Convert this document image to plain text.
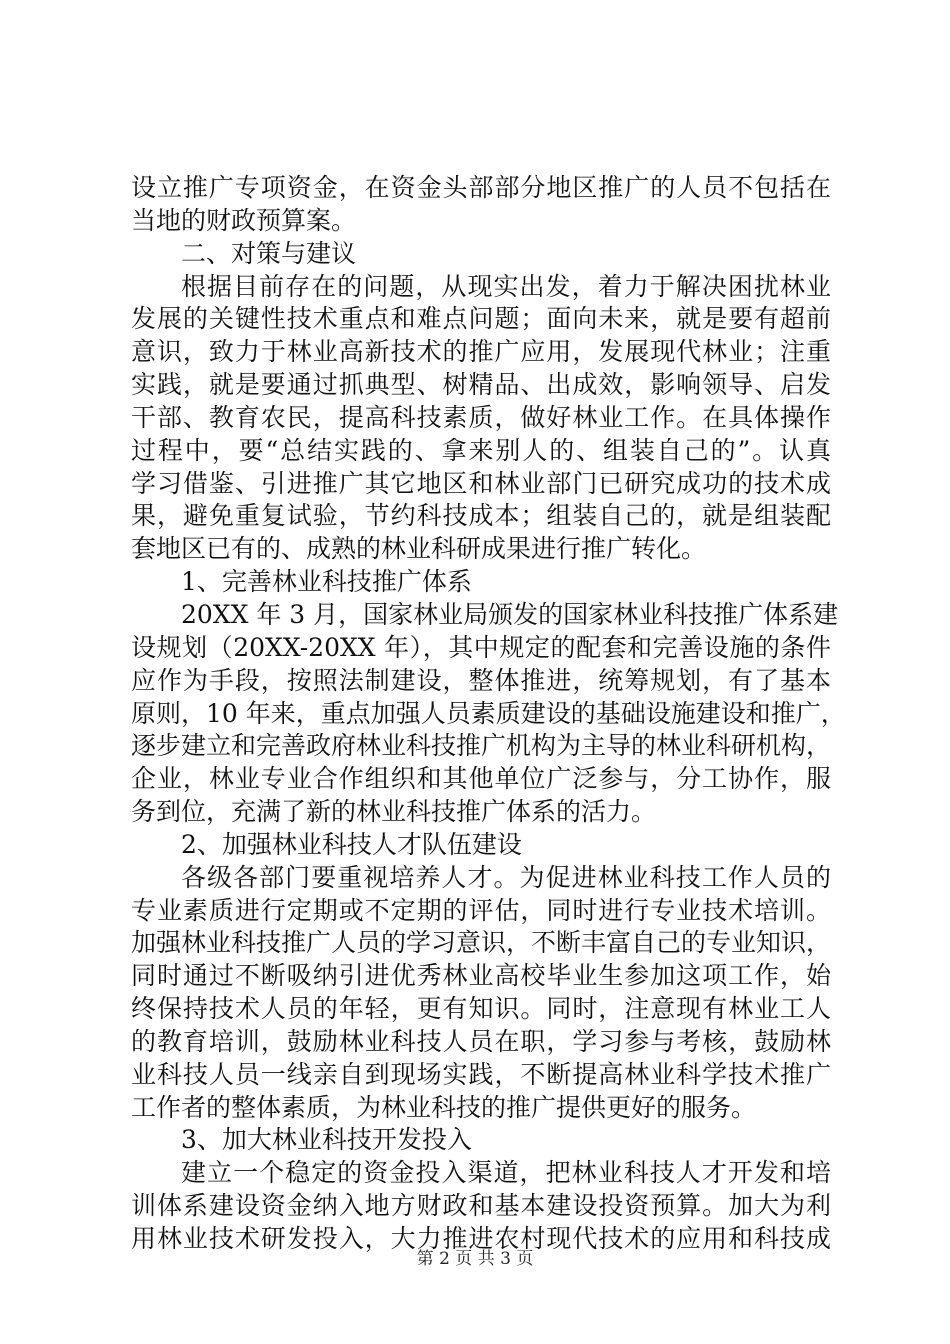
设立推广专项资金，在资金头部部分地区推广的人员不包括在
当地的财政预算案。
二、对策与建议
根据目前存在的问题，从现实出发，着力于解决困扰林业
发展的关键性技术重点和难点问题；面向未来，就是要有超前
意识，致力于林业高新技术的推广应用，发展现代林业；注重
实践，就是要通过抓典型、树精品、出成效，影响领导、启发
干部、教育农民，提高科技素质，做好林业工作。在具体操作
过程中，要“总结实践的、拿来别人的、组装自己的”。认真
学习借鉴、引进推广其它地区和林业部门已研究成功的技术成
果，避免重复试验，节约科技成本；组装自己的，就是组装配
套地区已有的、成熟的林业科研成果进行推广转化。
1、完善林业科技推广体系
20XX 年 3 月，国家林业局颁发的国家林业科技推广体系建
设规划（20XX-20XX 年），其中规定的配套和完善设施的条件
应作为手段，按照法制建设，整体推进，统筹规划，有了基本
原则，10 年来，重点加强人员素质建设的基础设施建设和推广，
逐步建立和完善政府林业科技推广机构为主导的林业科研机构，
企业，林业专业合作组织和其他单位广泛参与，分工协作，服
务到位，充满了新的林业科技推广体系的活力。
2、加强林业科技人才队伍建设
各级各部门要重视培养人才。为促进林业科技工作人员的
专业素质进行定期或不定期的评估，同时进行专业技术培训。
加强林业科技推广人员的学习意识，不断丰富自己的专业知识，
同时通过不断吸纳引进优秀林业高校毕业生参加这项工作，始
终保持技术人员的年轻，更有知识。同时，注意现有林业工人
的教育培训，鼓励林业科技人员在职，学习参与考核，鼓励林
业科技人员一线亲自到现场实践，不断提高林业科学技术推广
工作者的整体素质，为林业科技的推广提供更好的服务。
3、加大林业科技开发投入
建立一个稳定的资金投入渠道，把林业科技人才开发和培
训体系建设资金纳入地方财政和基本建设投资预算。加大为利
用林业技术研发投入，大力推进农村现代技术的应用和科技成
第 2 页 共 3 页
